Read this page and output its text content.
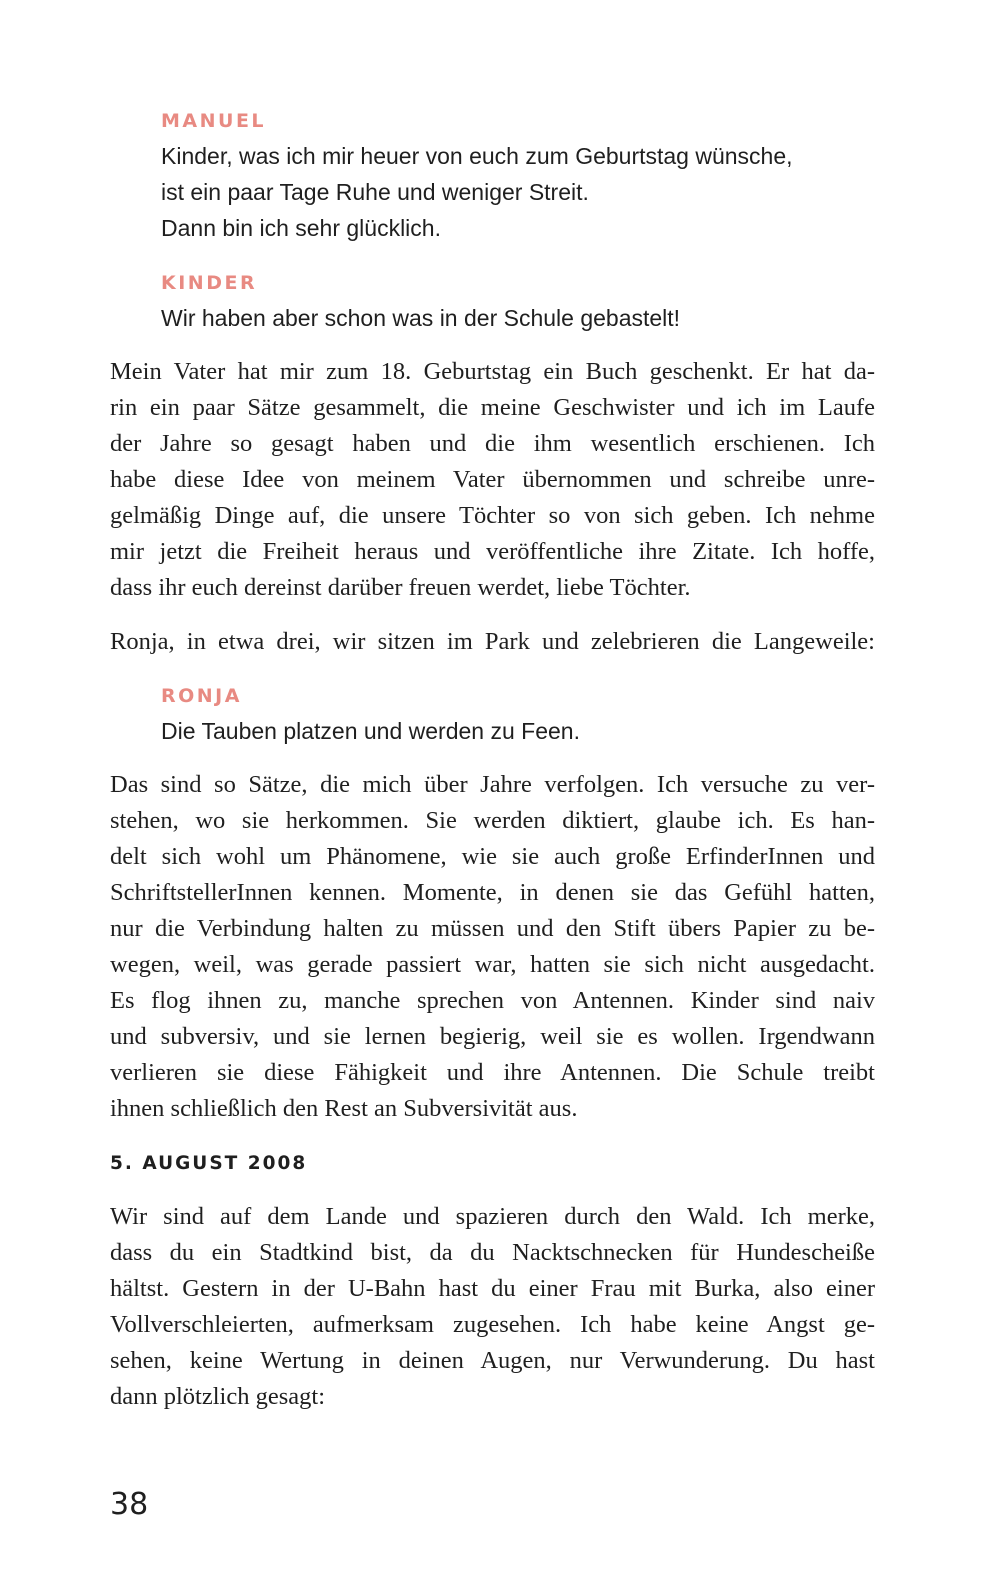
MANUEL

Kinder, was ich mir heuer von euch zum Geburtstag wünsche,
ist ein paar Tage Ruhe und weniger Streit.
Dann bin ich sehr glücklich.

KINDER

Wir haben aber schon was in der Schule gebastelt!
Mein Vater hat mir zum 18. Geburtstag ein Buch geschenkt. Er hat da-
rin ein paar Sätze gesammelt, die meine Geschwister und ich im Laufe
der Jahre so gesagt haben und die ihm wesentlich erschienen. Ich
habe diese Idee von meinem Vater übernommen und schreibe unre-
gelmäßig Dinge auf, die unsere Töchter so von sich geben. Ich nehme
mir jetzt die Freiheit heraus und veröffentliche ihre Zitate. Ich hoffe,
dass ihr euch dereinst darüber freuen werdet, liebe Töchter.
Ronja, in etwa drei, wir sitzen im Park und zelebrieren die Langeweile:

RONJA

Die Tauben platzen und werden zu Feen.
Das sind so Sätze, die mich über Jahre verfolgen. Ich versuche zu ver-
stehen, wo sie herkommen. Sie werden diktiert, glaube ich. Es han-
delt sich wohl um Phänomene, wie sie auch große ErfinderInnen und
SchriftstellerInnen kennen. Momente, in denen sie das Gefühl hatten,
nur die Verbindung halten zu müssen und den Stift übers Papier zu be-
wegen, weil, was gerade passiert war, hatten sie sich nicht ausgedacht.
Es flog ihnen zu, manche sprechen von Antennen. Kinder sind naiv
und subversiv, und sie lernen begierig, weil sie es wollen. Irgendwann
verlieren sie diese Fähigkeit und ihre Antennen. Die Schule treibt
ihnen schließlich den Rest an Subversivität aus.

5. AUGUST 2008

Wir sind auf dem Lande und spazieren durch den Wald. Ich merke,
dass du ein Stadtkind bist, da du Nacktschnecken für Hundescheiße
hältst. Gestern in der U-Bahn hast du einer Frau mit Burka, also einer
Vollverschleierten, aufmerksam zugesehen. Ich habe keine Angst ge-
sehen, keine Wertung in deinen Augen, nur Verwunderung. Du hast
dann plötzlich gesagt:

38
